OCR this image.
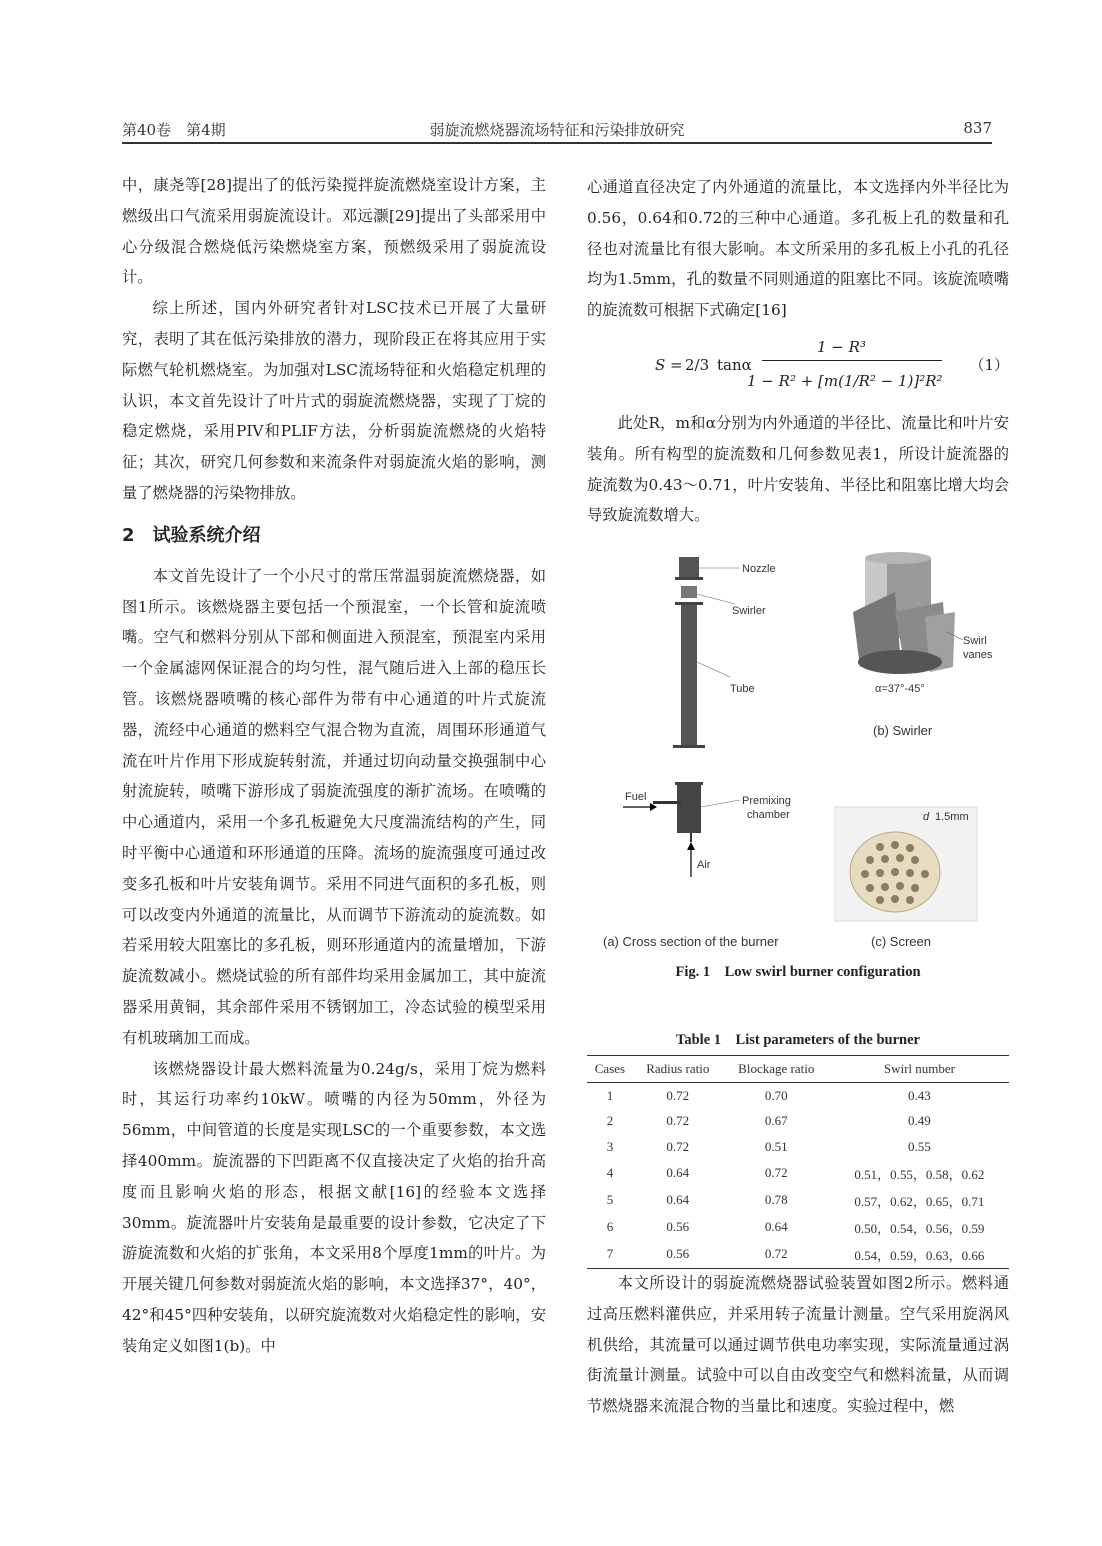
第40卷　第4期	弱旋流燃烧器流场特征和污染排放研究	837

中，康尧等[28]提出了的低污染搅拌旋流燃烧室设计方案，主燃级出口气流采用弱旋流设计。邓远灏[29]提出了头部采用中心分级混合燃烧低污染燃烧室方案，预燃级采用了弱旋流设计。

综上所述，国内外研究者针对LSC技术已开展了大量研究，表明了其在低污染排放的潜力，现阶段正在将其应用于实际燃气轮机燃烧室。为加强对LSC流场特征和火焰稳定机理的认识，本文首先设计了叶片式的弱旋流燃烧器，实现了丁烷的稳定燃烧，采用PIV和PLIF方法，分析弱旋流燃烧的火焰特征；其次，研究几何参数和来流条件对弱旋流火焰的影响，测量了燃烧器的污染物排放。

2 试验系统介绍

本文首先设计了一个小尺寸的常压常温弱旋流燃烧器，如图1所示。该燃烧器主要包括一个预混室，一个长管和旋流喷嘴。空气和燃料分别从下部和侧面进入预混室，预混室内采用一个金属滤网保证混合的均匀性，混气随后进入上部的稳压长管。该燃烧器喷嘴的核心部件为带有中心通道的叶片式旋流器，流经中心通道的燃料空气混合物为直流，周围环形通道气流在叶片作用下形成旋转射流，并通过切向动量交换强制中心射流旋转，喷嘴下游形成了弱旋流强度的渐扩流场。在喷嘴的中心通道内，采用一个多孔板避免大尺度湍流结构的产生，同时平衡中心通道和环形通道的压降。流场的旋流强度可通过改变多孔板和叶片安装角调节。采用不同进气面积的多孔板，则可以改变内外通道的流量比，从而调节下游流动的旋流数。如若采用较大阻塞比的多孔板，则环形通道内的流量增加，下游旋流数减小。燃烧试验的所有部件均采用金属加工，其中旋流器采用黄铜，其余部件采用不锈钢加工，冷态试验的模型采用有机玻璃加工而成。

该燃烧器设计最大燃料流量为0.24g/s，采用丁烷为燃料时，其运行功率约10kW。喷嘴的内径为50mm，外径为56mm，中间管道的长度是实现LSC的一个重要参数，本文选择400mm。旋流器的下凹距离不仅直接决定了火焰的抬升高度而且影响火焰的形态，根据文献[16]的经验本文选择30mm。旋流器叶片安装角是最重要的设计参数，它决定了下游旋流数和火焰的扩张角，本文采用8个厚度1mm的叶片。为开展关键几何参数对弱旋流火焰的影响，本文选择37°，40°，42°和45°四种安装角，以研究旋流数对火焰稳定性的影响，安装角定义如图1(b)。中

心通道直径决定了内外通道的流量比，本文选择内外半径比为0.56，0.64和0.72的三种中心通道。多孔板上孔的数量和孔径也对流量比有很大影响。本文所采用的多孔板上小孔的孔径均为1.5mm，孔的数量不同则通道的阻塞比不同。该旋流喷嘴的旋流数可根据下式确定[16]

S = 2/3 tanα
1 − R³
1 − R² + [m(1/R² − 1)]²R²
（1）

此处R，m和α分别为内外通道的半径比、流量比和叶片安装角。所有构型的旋流数和几何参数见表1，所设计旋流器的旋流数为0.43～0.71，叶片安装角、半径比和阻塞比增大均会导致旋流数增大。

Nozzle
Swirler
Tube
Fuel	Premixing
chamber
Air
Swirl
vanes
α=37°-45°
(b) Swirler
d 1.5mm
(c) Screen
(a) Cross section of the burner
Fig. 1　Low swirl burner configuration
Table 1　List parameters of the burner
Cases	Radius ratio	Blockage ratio	Swirl number
1	0.72	0.70	0.43
2	0.72	0.67	0.49
3	0.72	0.51	0.55
4	0.64	0.72	0.51，0.55，0.58，0.62
5	0.64	0.78	0.57，0.62，0.65，0.71
6	0.56	0.64	0.50，0.54，0.56，0.59
7	0.56	0.72	0.54，0.59，0.63，0.66

本文所设计的弱旋流燃烧器试验装置如图2所示。燃料通过高压燃料灌供应，并采用转子流量计测量。空气采用旋涡风机供给，其流量可以通过调节供电功率实现，实际流量通过涡街流量计测量。试验中可以自由改变空气和燃料流量，从而调节燃烧器来流混合物的当量比和速度。实验过程中，燃
